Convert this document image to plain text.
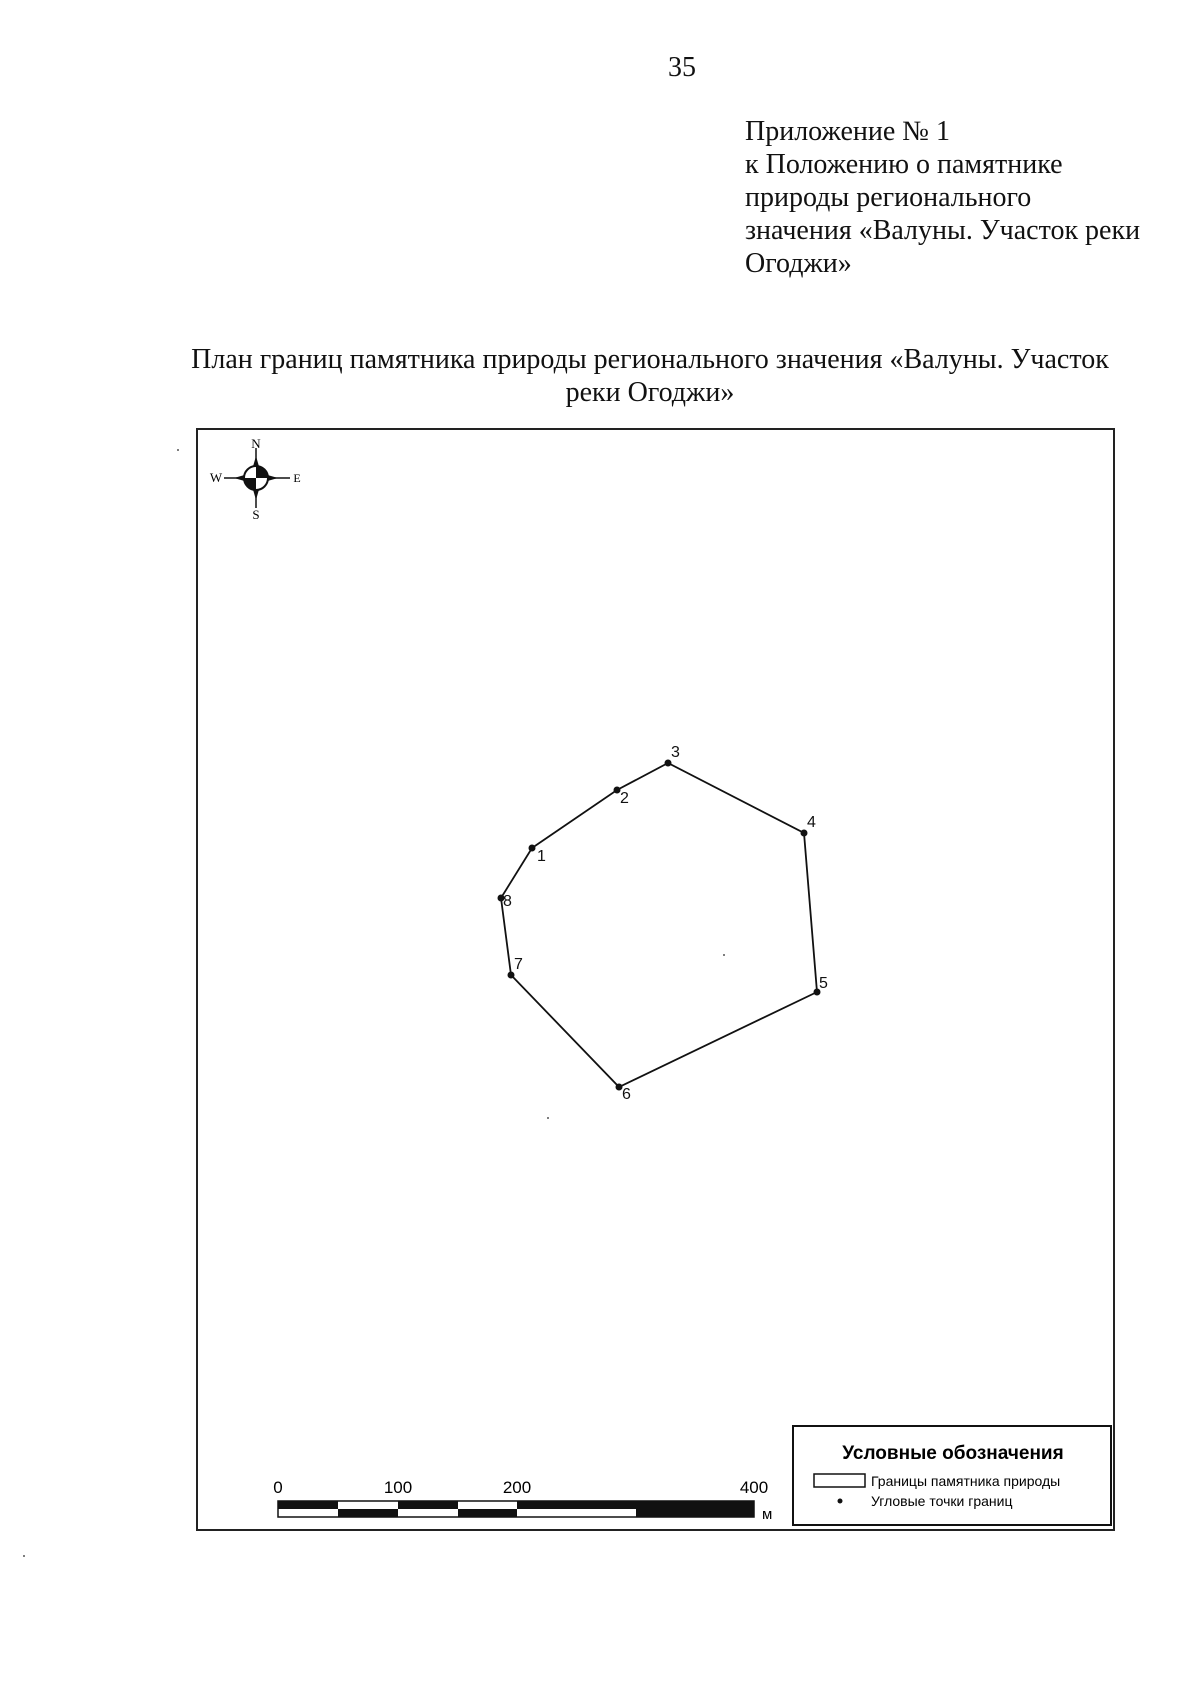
35
Приложение № 1
к Положению о памятнике
природы регионального
значения «Валуны. Участок реки
Огоджи»
План границ памятника природы регионального значения «Валуны. Участок
реки Огоджи»
N
S
W	E
1
2
3
4
5
6
7
8
0	100	200	400
м
Условные обозначения
Границы памятника природы
Угловые точки границ
